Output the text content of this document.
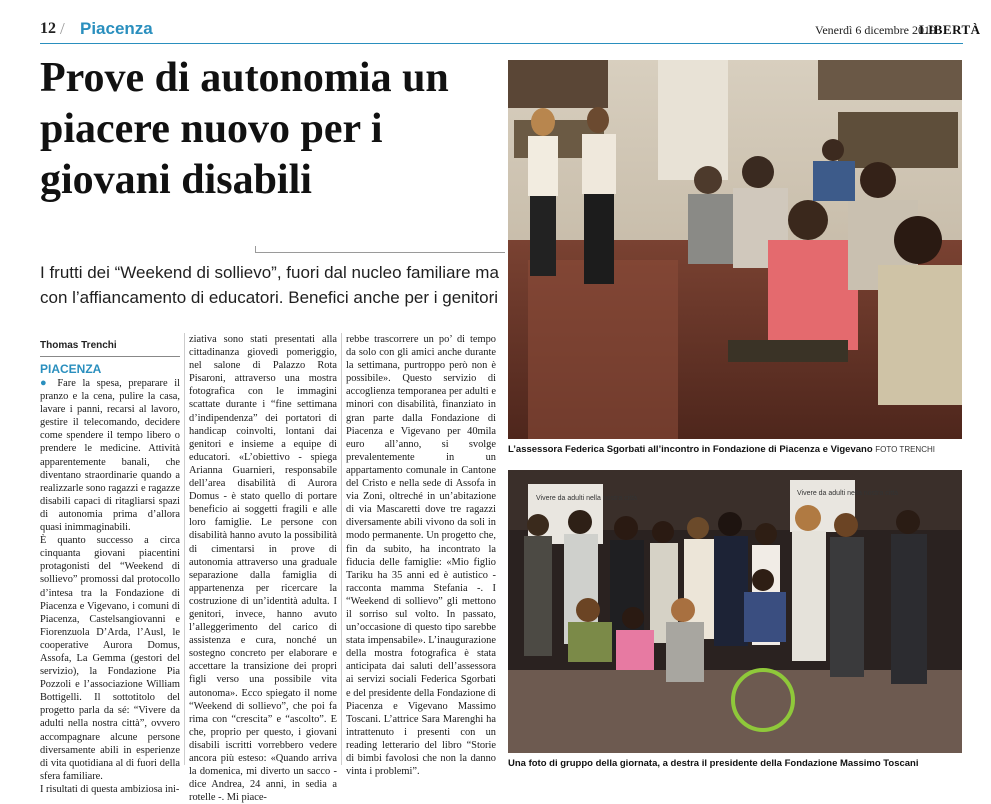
12 / Piacenza	Venerdì 6 dicembre 2019
LIBERTÀ
Prove di autonomia un piacere nuovo per i giovani disabili

I frutti dei “Weekend di sollievo”, fuori dal nucleo familiare ma con l’affiancamento di educatori. Benefici anche per i genitori

Thomas Trenchi
PIACENZA
● Fare la spesa, preparare il pranzo e la cena, pulire la casa, lavare i panni, recarsi al lavoro, gestire il telecomando, decidere come spendere il tempo libero o prendere le medicine. Attività apparentemente banali, che diventano straordinarie quando a realizzarle sono ragazzi e ragazze disabili capaci di ritagliarsi spazi di autonomia prima d’allora quasi inimmaginabili.
È quanto successo a circa cinquanta giovani piacentini protagonisti del “Weekend di sollievo” promossi dal protocollo d’intesa tra la Fondazione di Piacenza e Vigevano, i comuni di Piacenza, Castelsangiovanni e Fiorenzuola D’Arda, l’Ausl, le cooperative Aurora Domus, Assofa, La Gemma (gestori del servizio), la Fondazione Pia Pozzoli e l’associazione William Bottigelli. Il sottotitolo del progetto parla da sé: “Vivere da adulti nella nostra città”, ovvero accompagnare alcune persone diversamente abili in esperienze di vita quotidiana al di fuori della sfera familiare.
I risultati di questa ambiziosa ini-
ziativa sono stati presentati alla cittadinanza giovedì pomeriggio, nel salone di Palazzo Rota Pisaroni, attraverso una mostra fotografica con le immagini scattate durante i “fine settimana d’indipendenza” dei portatori di handicap coinvolti, lontani dai genitori e insieme a equipe di educatori. «L’obiettivo - spiega Arianna Guarnieri, responsabile dell’area disabilità di Aurora Domus - è stato quello di portare beneficio ai soggetti fragili e alle loro famiglie. Le persone con disabilità hanno avuto la possibilità di cimentarsi in prove di autonomia attraverso una graduale separazione dalla famiglia di appartenenza per ricercare la costruzione di un’identità adulta. I genitori, invece, hanno avuto l’alleggerimento del carico di assistenza e cura, nonché un sostegno concreto per elaborare e accettare la transizione dei propri figli verso una possibile vita autonoma». Ecco spiegato il nome “Weekend di sollievo”, che poi fa rima con “crescita” e “ascolto”. E che, proprio per questo, i giovani disabili iscritti vorrebbero vedere ancora più esteso: «Quando arriva la domenica, mi diverto un sacco - dice Andrea, 24 anni, in sedia a rotelle -. Mi piace-
rebbe trascorrere un po’ di tempo da solo con gli amici anche durante la settimana, purtroppo però non è possibile». Questo servizio di accoglienza temporanea per adulti e minori con disabilità, finanziato in gran parte dalla Fondazione di Piacenza e Vigevano per 40mila euro all’anno, si svolge prevalentemente in un appartamento comunale in Cantone del Cristo e nella sede di Assofa in via Zoni, oltreché in un’abitazione di via Mascaretti dove tre ragazzi diversamente abili vivono da soli in modo permanente. Un progetto che, fin da subito, ha incontrato la fiducia delle famiglie: «Mio figlio Tariku ha 35 anni ed è autistico - racconta mamma Stefania -. I “Weekend di sollievo” gli mettono il sorriso sul volto. In passato, un’occasione di questo tipo sarebbe stata impensabile». L’inaugurazione della mostra fotografica è stata anticipata dai saluti dell’assessora ai servizi sociali Federica Sgorbati e del presidente della Fondazione di Piacenza e Vigevano Massimo Toscani. L’attrice Sara Marenghi ha intrattenuto i presenti con un reading letterario del libro “Storie di bimbi favolosi che non la danno vinta i problemi”.
L’assessora Federica Sgorbati all’incontro in Fondazione di Piacenza e Vigevano FOTO TRENCHI
Vivere da adulti nella nostra città
Vivere da adulti nella nostra città
Una foto di gruppo della giornata, a destra il presidente della Fondazione Massimo Toscani
